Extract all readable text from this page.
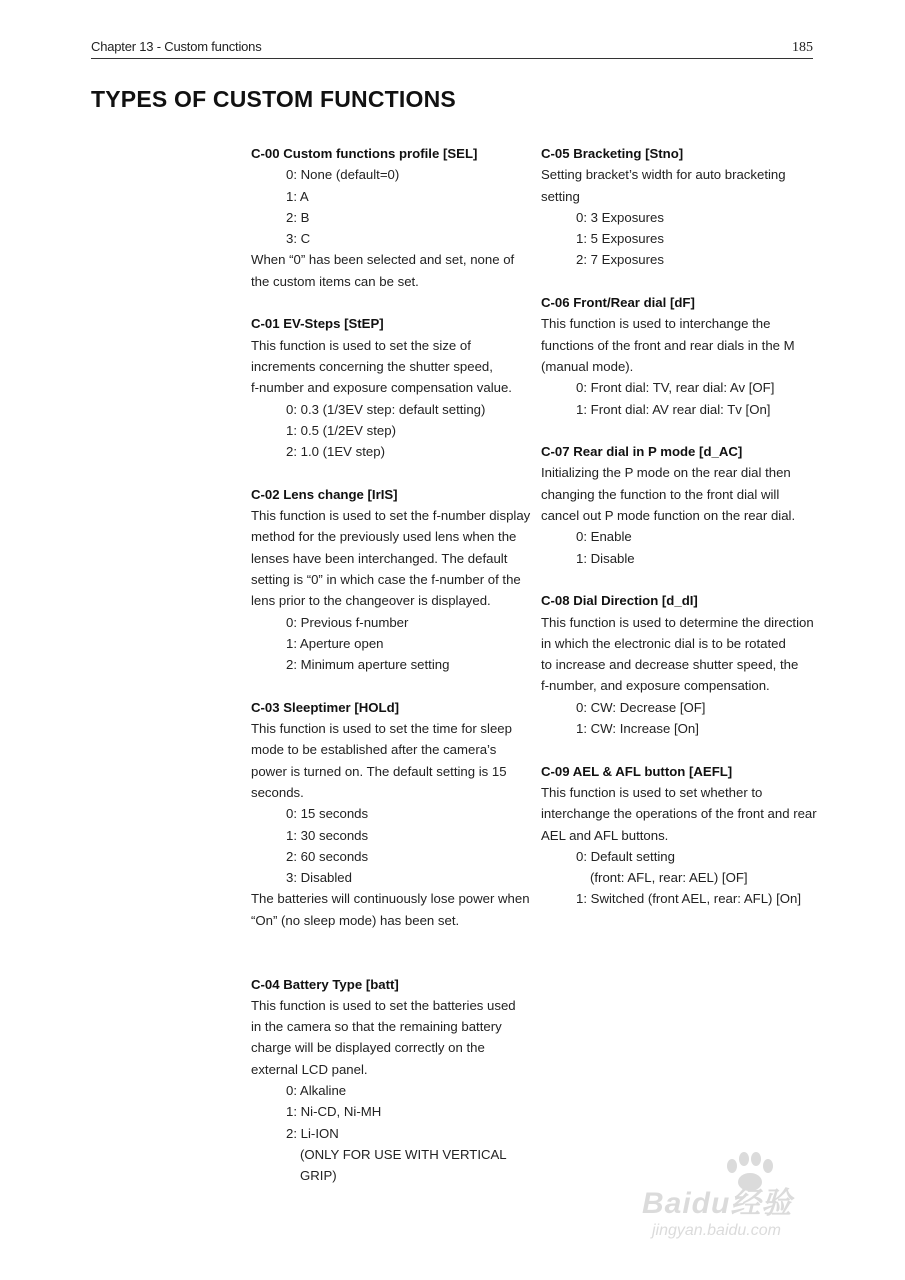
Chapter 13 - Custom functions	185
TYPES OF CUSTOM FUNCTIONS

C-00 Custom functions profile [SEL]

0: None (default=0)

1: A

2: B

3: C

When “0” has been selected and set, none of

the custom items can be set.

C-01 EV-Steps [StEP]

This function is used to set the size of

increments concerning the shutter speed,

f-number and exposure compensation value.

0: 0.3 (1/3EV step: default setting)

1: 0.5 (1/2EV step)

2: 1.0 (1EV step)

C-02 Lens change [IrIS]

This function is used to set the f-number display

method for the previously used lens when the

lenses have been interchanged. The default

setting is “0” in which case the f-number of the

lens prior to the changeover is displayed.

0: Previous f-number

1: Aperture open

2: Minimum aperture setting

C-03 Sleeptimer [HOLd]

This function is used to set the time for sleep

mode to be established after the camera’s

power is turned on. The default setting is 15

seconds.

0: 15 seconds

1: 30 seconds

2: 60 seconds

3: Disabled

The batteries will continuously lose power when

“On” (no sleep mode) has been set.

C-04 Battery Type [batt]

This function is used to set the batteries used

in the camera so that the remaining battery

charge will be displayed correctly on the

external LCD panel.

0: Alkaline

1: Ni-CD, Ni-MH

2: Li-ION

(ONLY FOR USE WITH VERTICAL GRIP)

C-05 Bracketing [Stno]

Setting bracket’s width for auto bracketing

setting

0: 3 Exposures

1: 5 Exposures

2: 7 Exposures

C-06 Front/Rear dial [dF]

This function is used to interchange the

functions of the front and rear dials in the M

(manual mode).

0: Front dial: TV, rear dial: Av [OF]

1: Front dial: AV rear dial: Tv [On]

C-07 Rear dial in P mode [d_AC]

Initializing the P mode on the rear dial then

changing the function to the front dial will

cancel out P mode function on the rear dial.

0: Enable

1: Disable

C-08 Dial Direction [d_dI]

This function is used to determine the direction

in which the electronic dial is to be rotated

to increase and decrease shutter speed, the

f-number, and exposure compensation.

0: CW: Decrease [OF]

1: CW: Increase [On]

C-09 AEL & AFL button [AEFL]

This function is used to set whether to

interchange the operations of the front and rear

AEL and AFL buttons.

0: Default setting

(front: AFL, rear: AEL) [OF]

1: Switched (front AEL, rear: AFL) [On]

Baidu经验
jingyan.baidu.com
